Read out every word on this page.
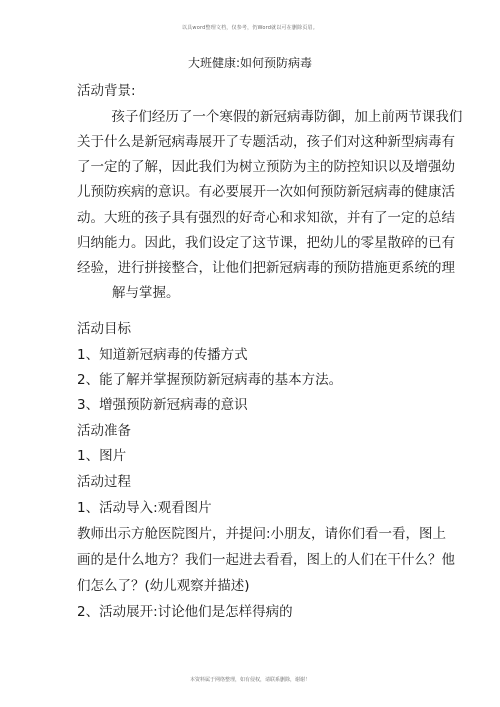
以具word整理文档，仅参考，仍Word就以可在删除页眉。
大班健康:如何预防病毒
活动背景:
孩子们经历了一个寒假的新冠病毒防御，加上前两节课我们
关于什么是新冠病毒展开了专题活动，孩子们对这种新型病毒有
了一定的了解，因此我们为树立预防为主的防控知识以及增强幼
儿预防疾病的意识。有必要展开一次如何预防新冠病毒的健康活
动。大班的孩子具有强烈的好奇心和求知欲，并有了一定的总结
归纳能力。因此，我们设定了这节课，把幼儿的零星散碎的已有
经验，进行拼接整合，让他们把新冠病毒的预防措施更系统的理
解与掌握。
活动目标
1、知道新冠病毒的传播方式
2、能了解并掌握预防新冠病毒的基本方法。
3、增强预防新冠病毒的意识
活动准备
1、图片
活动过程
1、活动导入:观看图片
教师出示方舱医院图片，并提问:小朋友，请你们看一看，图上
画的是什么地方？我们一起进去看看，图上的人们在干什么？他
们怎么了？(幼儿观察并描述)
2、活动展开:讨论他们是怎样得病的
本资料属于网络整理，如有侵权，请联系删除，谢谢！
